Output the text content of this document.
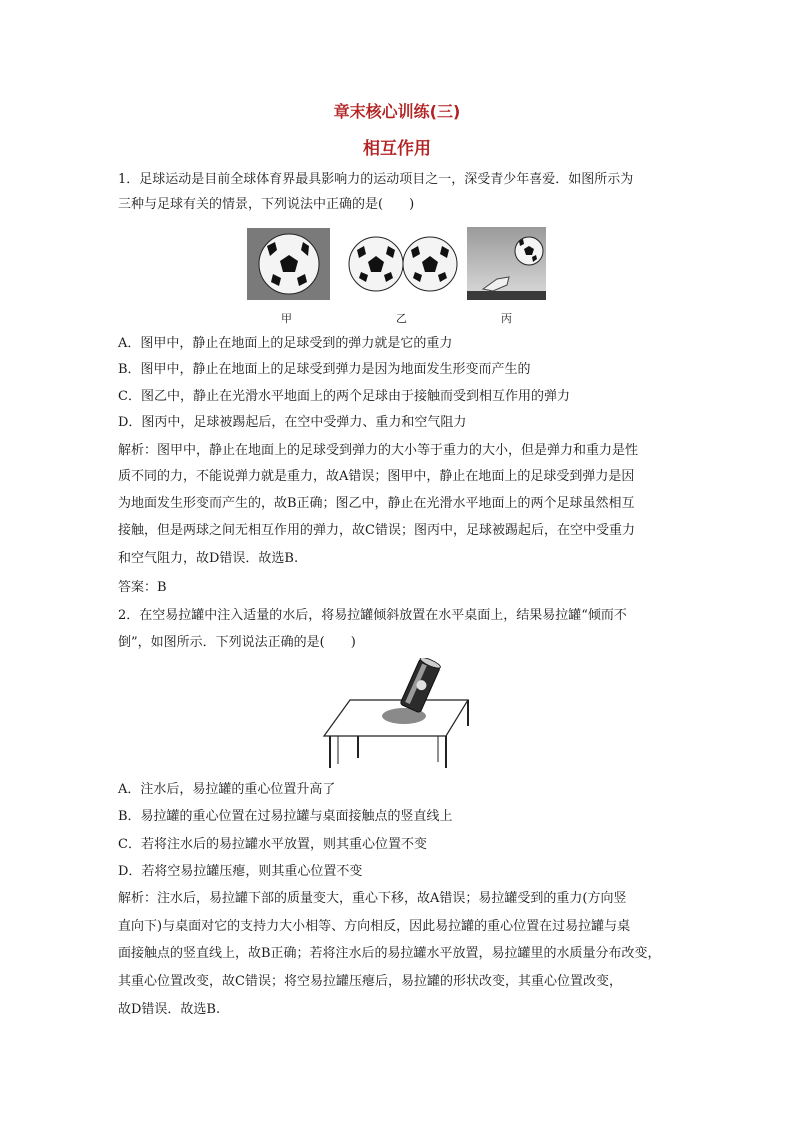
章末核心训练(三)
相互作用
1．足球运动是目前全球体育界最具影响力的运动项目之一，深受青少年喜爱．如图所示为
三种与足球有关的情景，下列说法中正确的是(　　)
甲	乙	丙
A．图甲中，静止在地面上的足球受到的弹力就是它的重力
B．图甲中，静止在地面上的足球受到弹力是因为地面发生形变而产生的
C．图乙中，静止在光滑水平地面上的两个足球由于接触而受到相互作用的弹力
D．图丙中，足球被踢起后，在空中受弹力、重力和空气阻力
解析：图甲中，静止在地面上的足球受到弹力的大小等于重力的大小，但是弹力和重力是性
质不同的力，不能说弹力就是重力，故A错误；图甲中，静止在地面上的足球受到弹力是因
为地面发生形变而产生的，故B正确；图乙中，静止在光滑水平地面上的两个足球虽然相互
接触，但是两球之间无相互作用的弹力，故C错误；图丙中，足球被踢起后，在空中受重力
和空气阻力，故D错误．故选B.
答案：B
2．在空易拉罐中注入适量的水后，将易拉罐倾斜放置在水平桌面上，结果易拉罐“倾而不
倒”，如图所示．下列说法正确的是(　　)
A．注水后，易拉罐的重心位置升高了
B．易拉罐的重心位置在过易拉罐与桌面接触点的竖直线上
C．若将注水后的易拉罐水平放置，则其重心位置不变
D．若将空易拉罐压瘪，则其重心位置不变
解析：注水后，易拉罐下部的质量变大，重心下移，故A错误；易拉罐受到的重力(方向竖
直向下)与桌面对它的支持力大小相等、方向相反，因此易拉罐的重心位置在过易拉罐与桌
面接触点的竖直线上，故B正确；若将注水后的易拉罐水平放置，易拉罐里的水质量分布改变，
其重心位置改变，故C错误；将空易拉罐压瘪后，易拉罐的形状改变，其重心位置改变，
故D错误．故选B.
